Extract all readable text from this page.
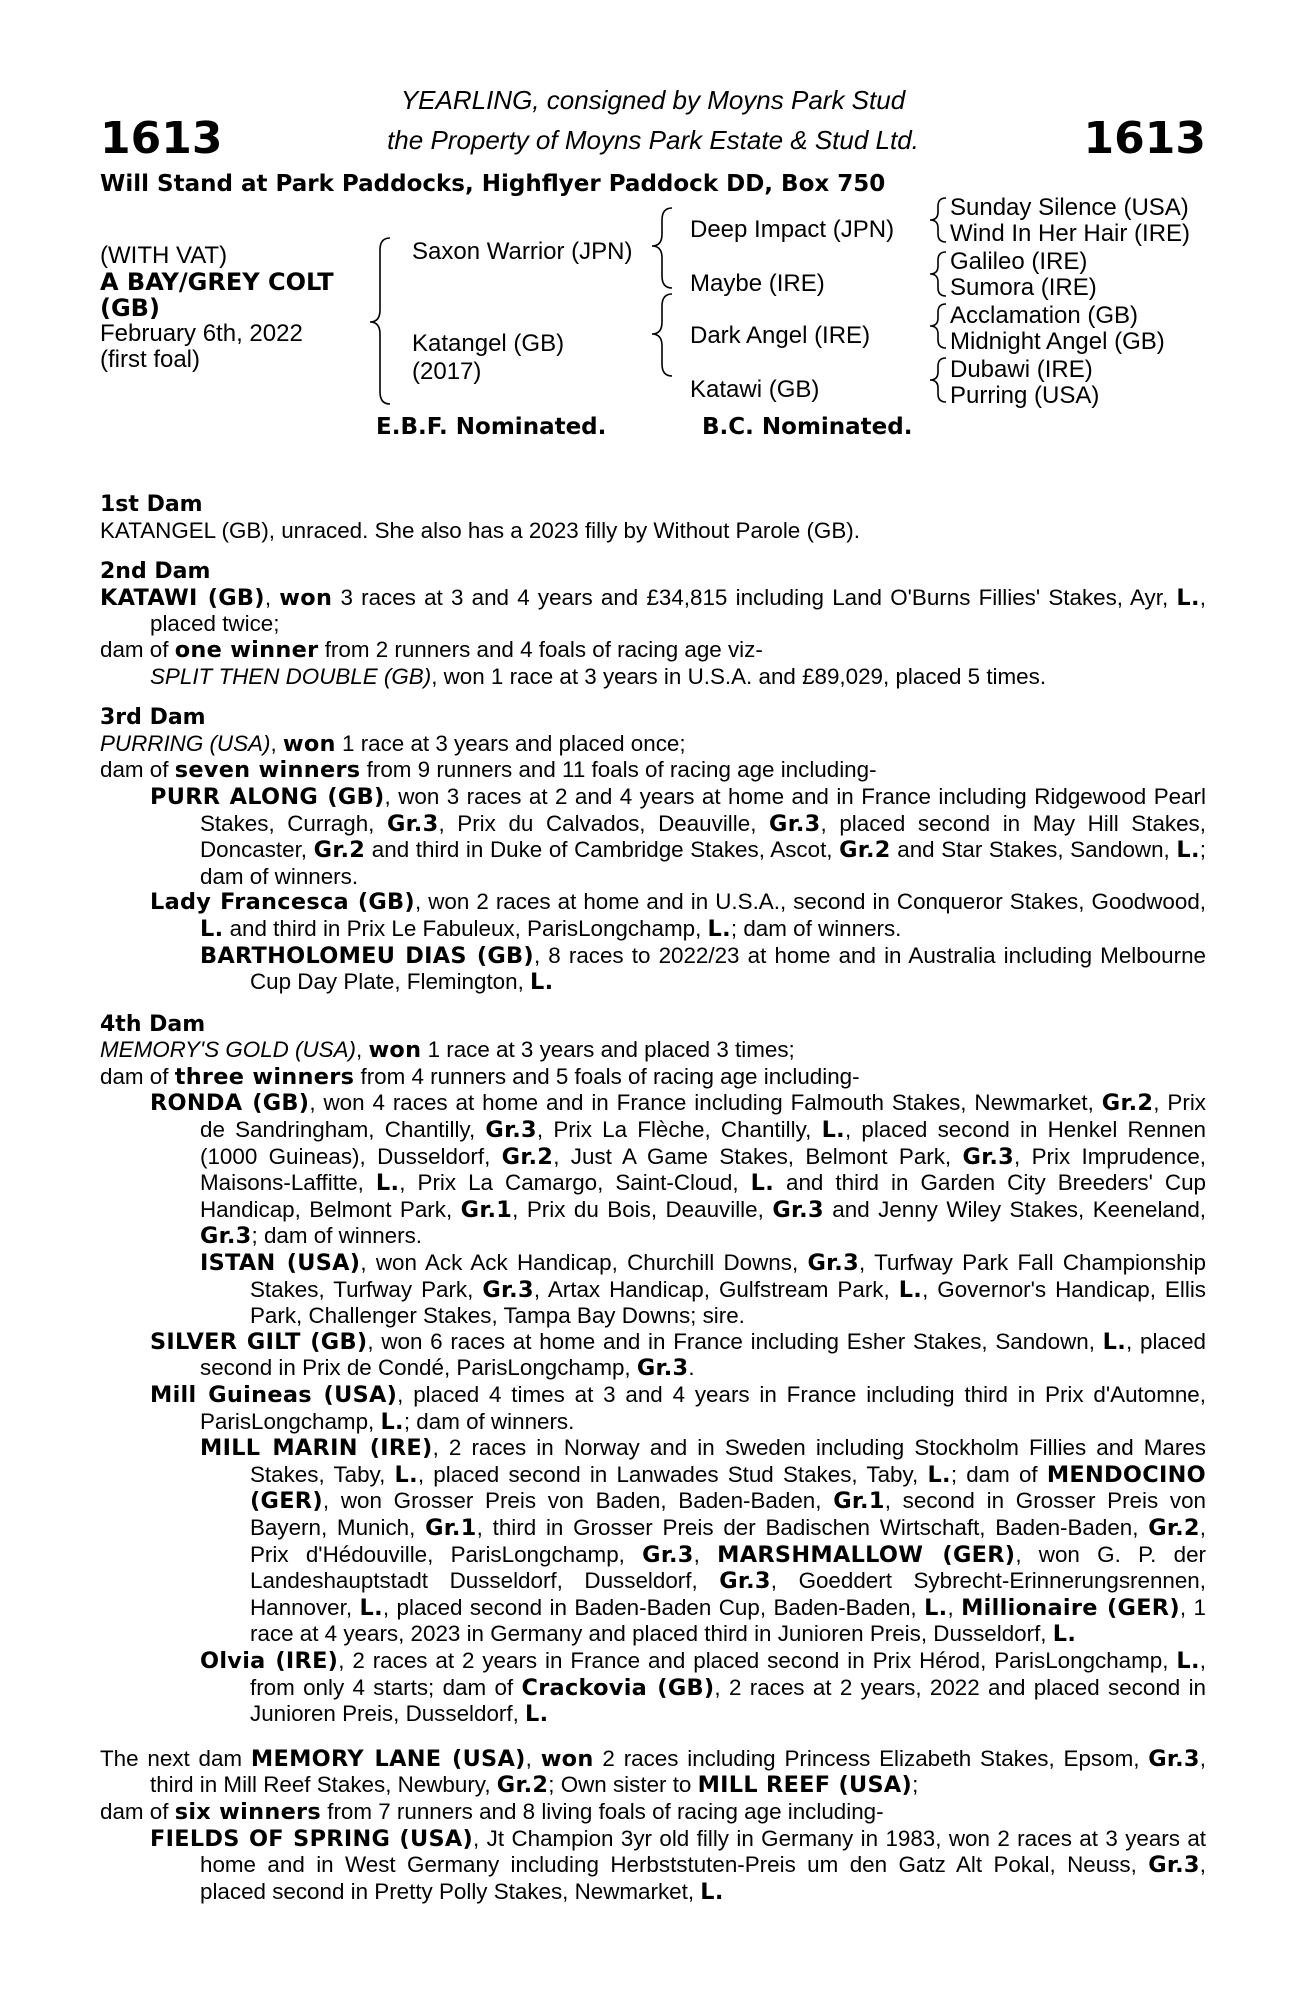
1613
YEARLING, consigned by Moyns Park Stud
the Property of Moyns Park Estate & Stud Ltd.	1613
Will Stand at Park Paddocks, Highflyer Paddock DD, Box 750
(WITH VAT)
A BAY/GREY COLT
(GB)
February 6th, 2022
(first foal)
Saxon Warrior (JPN)
Katangel (GB)
(2017)
Deep Impact (JPN)
Maybe (IRE)
Dark Angel (IRE)
Katawi (GB)
Sunday Silence (USA)
Wind In Her Hair (IRE)
Galileo (IRE)
Sumora (IRE)
Acclamation (GB)
Midnight Angel (GB)
Dubawi (IRE)
Purring (USA)
E.B.F. Nominated.	B.C. Nominated.
1st Dam
KATANGEL (GB), unraced. She also has a 2023 filly by Without Parole (GB).
2nd Dam
KATAWI (GB), won 3 races at 3 and 4 years and £34,815 including Land O'Burns Fillies' Stakes, Ayr, L., placed twice;
dam of one winner from 2 runners and 4 foals of racing age viz-
SPLIT THEN DOUBLE (GB), won 1 race at 3 years in U.S.A. and £89,029, placed 5 times.
3rd Dam
PURRING (USA), won 1 race at 3 years and placed once;
dam of seven winners from 9 runners and 11 foals of racing age including-
PURR ALONG (GB), won 3 races at 2 and 4 years at home and in France including Ridgewood Pearl Stakes, Curragh, Gr.3, Prix du Calvados, Deauville, Gr.3, placed second in May Hill Stakes, Doncaster, Gr.2 and third in Duke of Cambridge Stakes, Ascot, Gr.2 and Star Stakes, Sandown, L.; dam of winners.
Lady Francesca (GB), won 2 races at home and in U.S.A., second in Conqueror Stakes, Goodwood, L. and third in Prix Le Fabuleux, ParisLongchamp, L.; dam of winners.
BARTHOLOMEU DIAS (GB), 8 races to 2022/23 at home and in Australia including Melbourne Cup Day Plate, Flemington, L.
4th Dam
MEMORY'S GOLD (USA), won 1 race at 3 years and placed 3 times;
dam of three winners from 4 runners and 5 foals of racing age including-
RONDA (GB), won 4 races at home and in France including Falmouth Stakes, Newmarket, Gr.2, Prix de Sandringham, Chantilly, Gr.3, Prix La Flèche, Chantilly, L., placed second in Henkel Rennen (1000 Guineas), Dusseldorf, Gr.2, Just A Game Stakes, Belmont Park, Gr.3, Prix Imprudence, Maisons-Laffitte, L., Prix La Camargo, Saint-Cloud, L. and third in Garden City Breeders' Cup Handicap, Belmont Park, Gr.1, Prix du Bois, Deauville, Gr.3 and Jenny Wiley Stakes, Keeneland, Gr.3; dam of winners.
ISTAN (USA), won Ack Ack Handicap, Churchill Downs, Gr.3, Turfway Park Fall Championship Stakes, Turfway Park, Gr.3, Artax Handicap, Gulfstream Park, L., Governor's Handicap, Ellis Park, Challenger Stakes, Tampa Bay Downs; sire.
SILVER GILT (GB), won 6 races at home and in France including Esher Stakes, Sandown, L., placed second in Prix de Condé, ParisLongchamp, Gr.3.
Mill Guineas (USA), placed 4 times at 3 and 4 years in France including third in Prix d'Automne, ParisLongchamp, L.; dam of winners.
MILL MARIN (IRE), 2 races in Norway and in Sweden including Stockholm Fillies and Mares Stakes, Taby, L., placed second in Lanwades Stud Stakes, Taby, L.; dam of MENDOCINO (GER), won Grosser Preis von Baden, Baden-Baden, Gr.1, second in Grosser Preis von Bayern, Munich, Gr.1, third in Grosser Preis der Badischen Wirtschaft, Baden-Baden, Gr.2, Prix d'Hédouville, ParisLongchamp, Gr.3, MARSHMALLOW (GER), won G. P. der Landeshauptstadt Dusseldorf, Dusseldorf, Gr.3, Goeddert Sybrecht-Erinnerungsrennen, Hannover, L., placed second in Baden-Baden Cup, Baden-Baden, L., Millionaire (GER), 1 race at 4 years, 2023 in Germany and placed third in Junioren Preis, Dusseldorf, L.
Olvia (IRE), 2 races at 2 years in France and placed second in Prix Hérod, ParisLongchamp, L., from only 4 starts; dam of Crackovia (GB), 2 races at 2 years, 2022 and placed second in Junioren Preis, Dusseldorf, L.
The next dam MEMORY LANE (USA), won 2 races including Princess Elizabeth Stakes, Epsom, Gr.3, third in Mill Reef Stakes, Newbury, Gr.2; Own sister to MILL REEF (USA);
dam of six winners from 7 runners and 8 living foals of racing age including-
FIELDS OF SPRING (USA), Jt Champion 3yr old filly in Germany in 1983, won 2 races at 3 years at home and in West Germany including Herbststuten-Preis um den Gatz Alt Pokal, Neuss, Gr.3, placed second in Pretty Polly Stakes, Newmarket, L.
